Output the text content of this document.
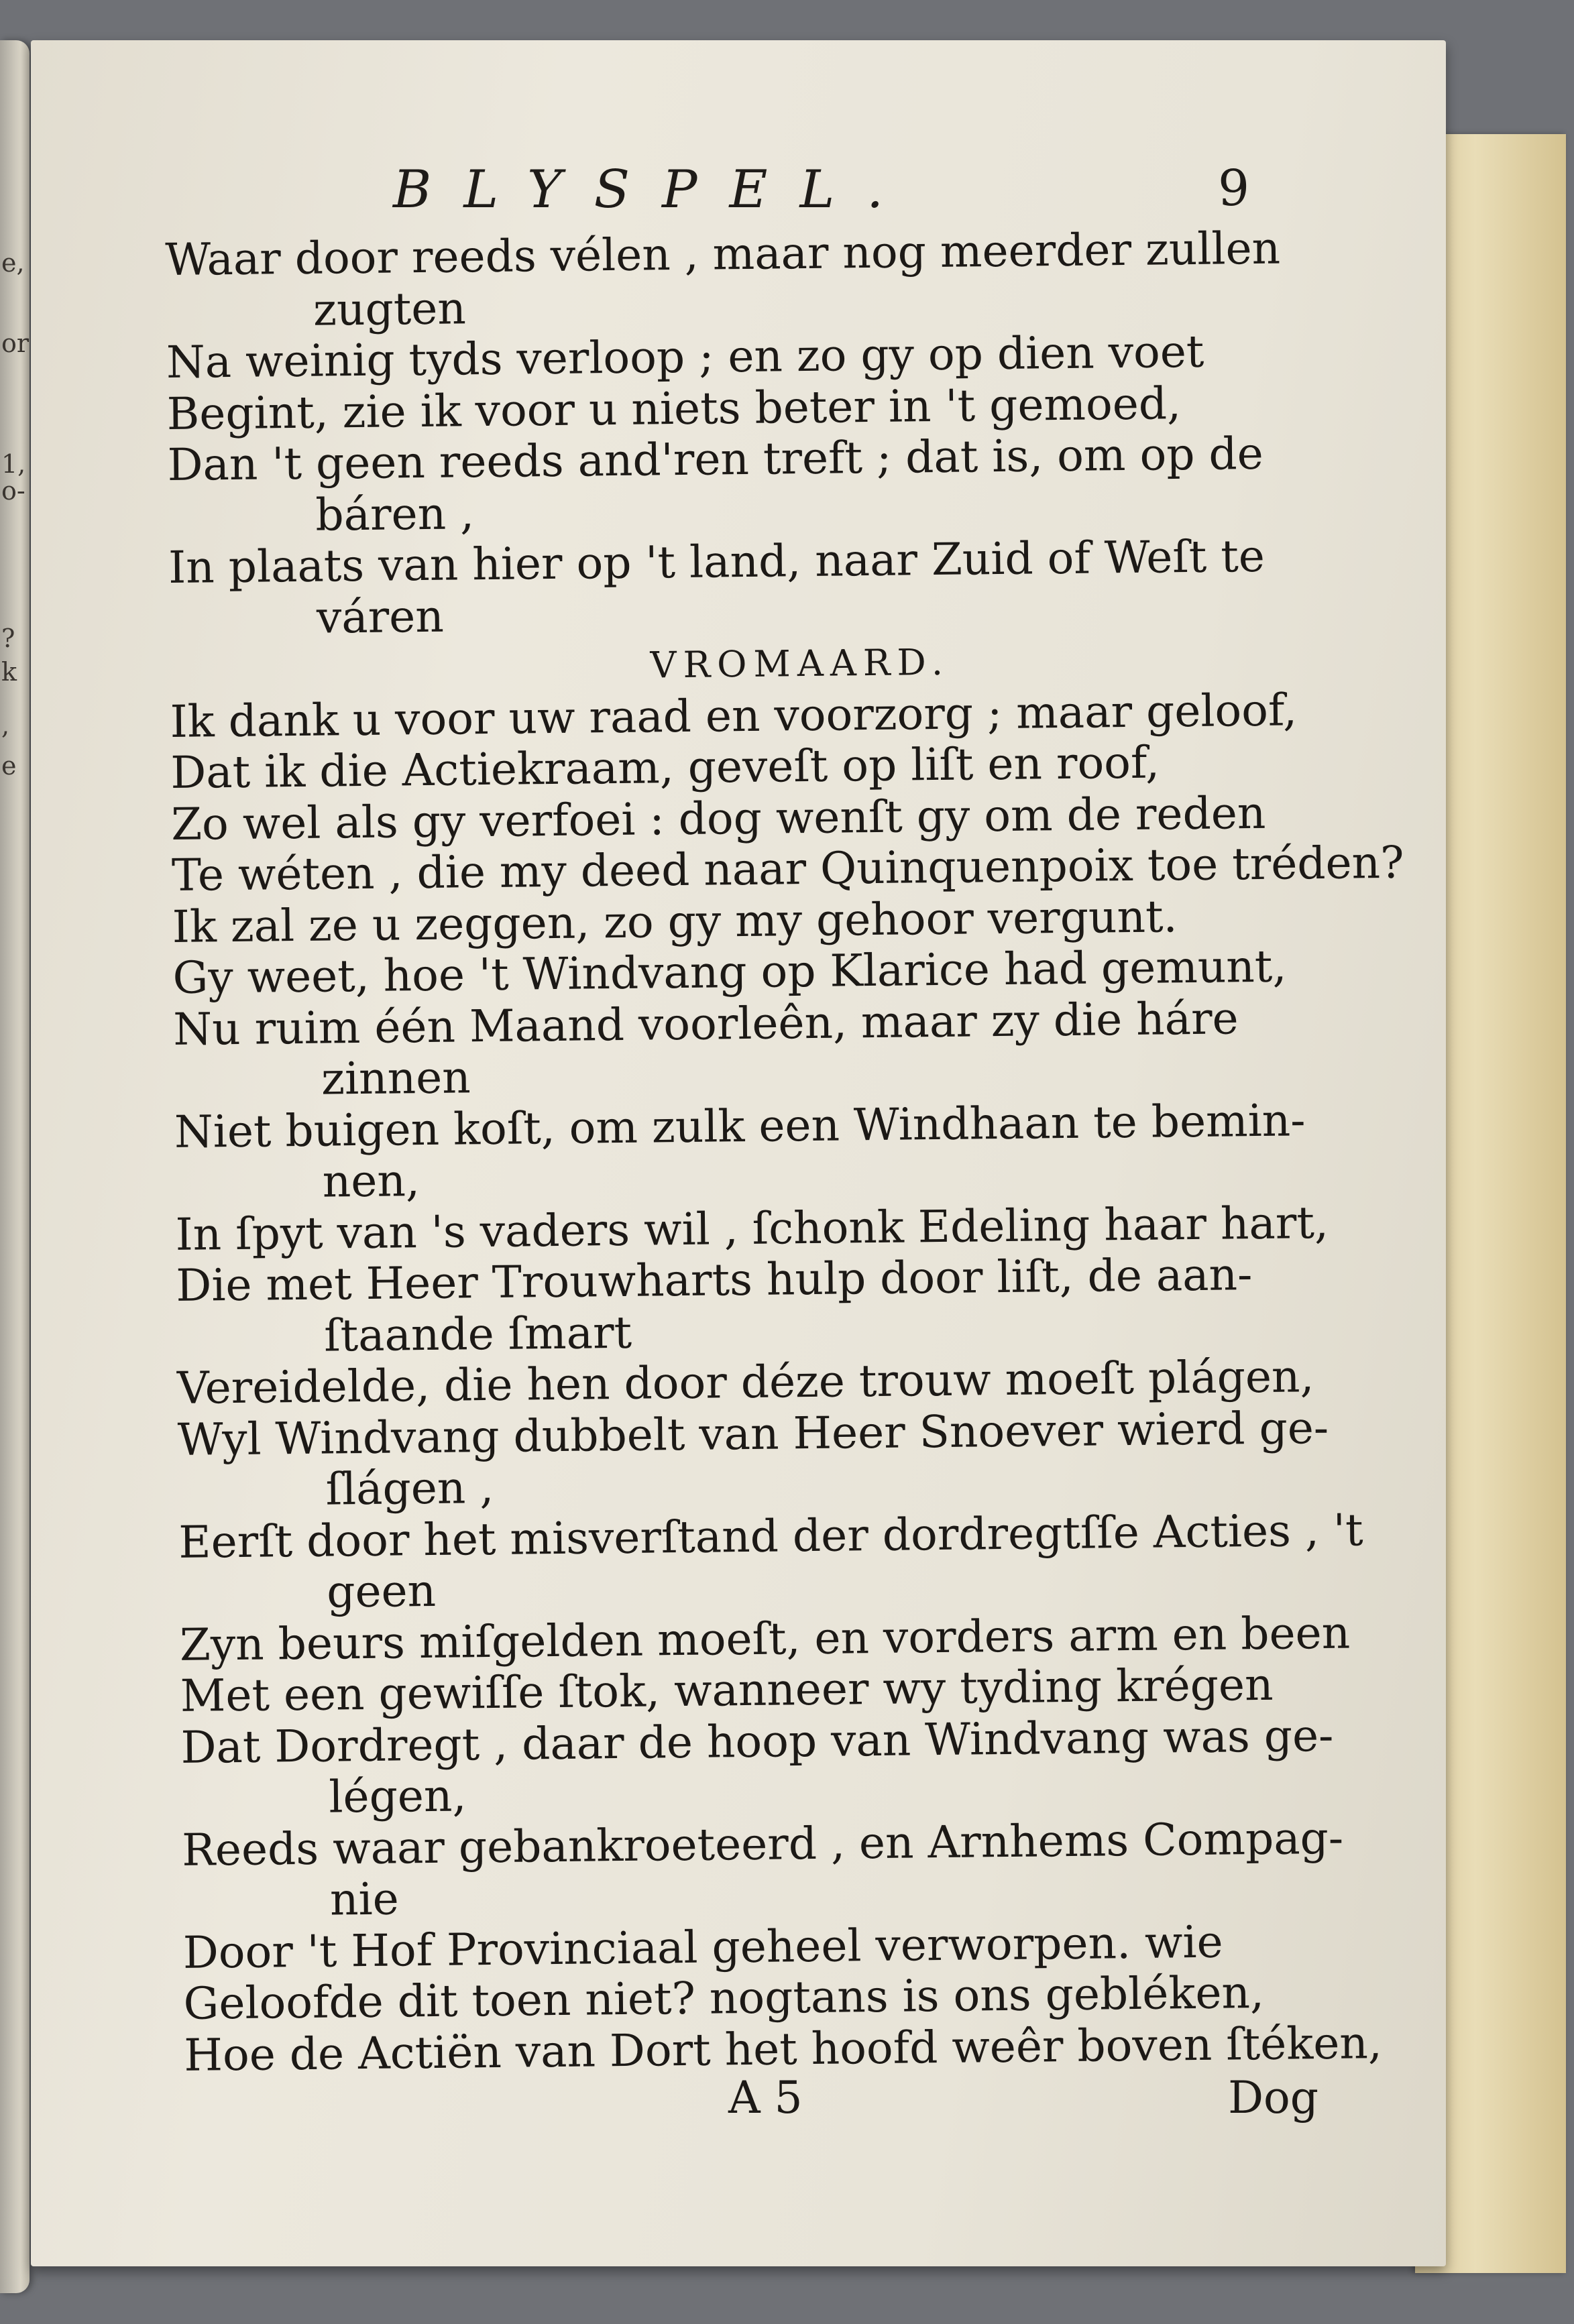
e,
or
1,
o-
?
k
,
e
BLYSPEL.	9
Waar door reeds vélen , maar nog meerder zullen
zugten
Na weinig tyds verloop ; en zo gy op dien voet
Begint, zie ik voor u niets beter in 't gemoed,
Dan 't geen reeds and'ren treft ; dat is, om op de
báren ,
In plaats van hier op 't land, naar Zuid of Weſt te
váren
VROMAARD.
Ik dank u voor uw raad en voorzorg ; maar geloof,
Dat ik die Actiekraam, geveſt op liſt en roof,
Zo wel als gy verfoei : dog wenſt gy om de reden
Te wéten , die my deed naar Quinquenpoix toe tréden?
Ik zal ze u zeggen, zo gy my gehoor vergunt.
Gy weet, hoe 't Windvang op Klarice had gemunt,
Nu ruim één Maand voorleên, maar zy die háre
zinnen
Niet buigen koſt, om zulk een Windhaan te bemin-
nen,
In ſpyt van 's vaders wil , ſchonk Edeling haar hart,
Die met Heer Trouwharts hulp door liſt, de aan-
ſtaande ſmart
Vereidelde, die hen door déze trouw moeſt plágen,
Wyl Windvang dubbelt van Heer Snoever wierd ge-
ſlágen ,
Eerſt door het misverſtand der dordregtſſe Acties , 't
geen
Zyn beurs miſgelden moeſt, en vorders arm en been
Met een gewiſſe ſtok, wanneer wy tyding krégen
Dat Dordregt , daar de hoop van Windvang was ge-
légen,
Reeds waar gebankroeteerd , en Arnhems Compag-
nie
Door 't Hof Provinciaal geheel verworpen. wie
Geloofde dit toen niet? nogtans is ons gebléken,
Hoe de Actiën van Dort het hoofd weêr boven ſtéken,
A 5	Dog
